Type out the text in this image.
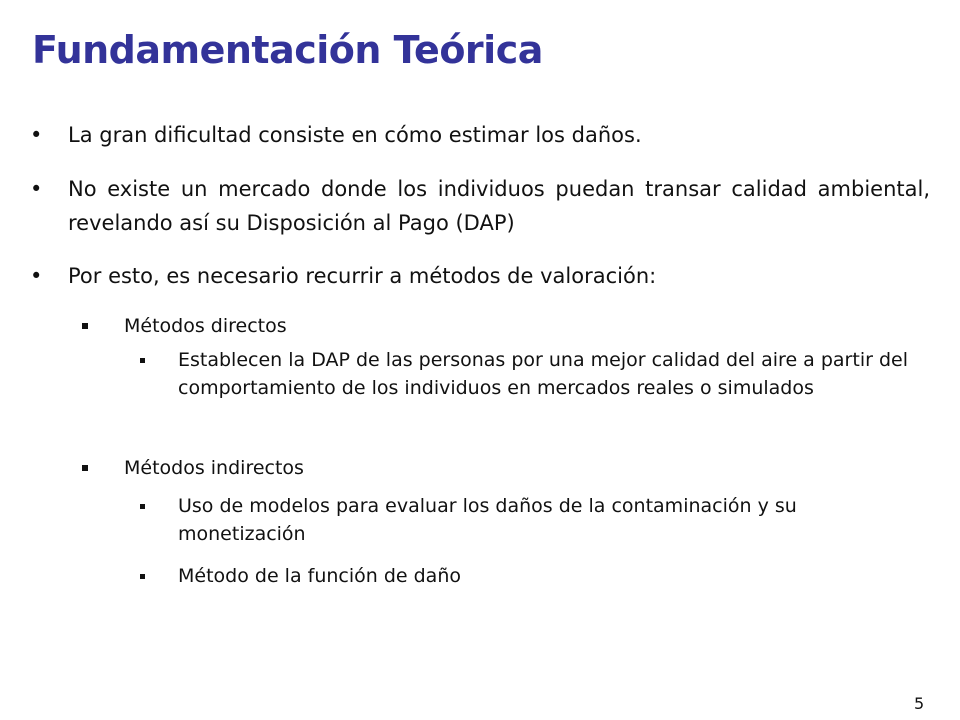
Fundamentación Teórica
•	La gran dificultad consiste en cómo estimar los daños.
•	No existe un mercado donde los individuos puedan transar calidad ambiental, revelando así su Disposición al Pago (DAP)
•	Por esto, es necesario recurrir a métodos de valoración:
Métodos directos
Establecen la DAP de las personas por una mejor calidad del aire a partir del comportamiento de los individuos en mercados reales o simulados
Métodos indirectos
Uso de modelos para evaluar los daños de la contaminación y su monetización
Método de la función de daño
5
